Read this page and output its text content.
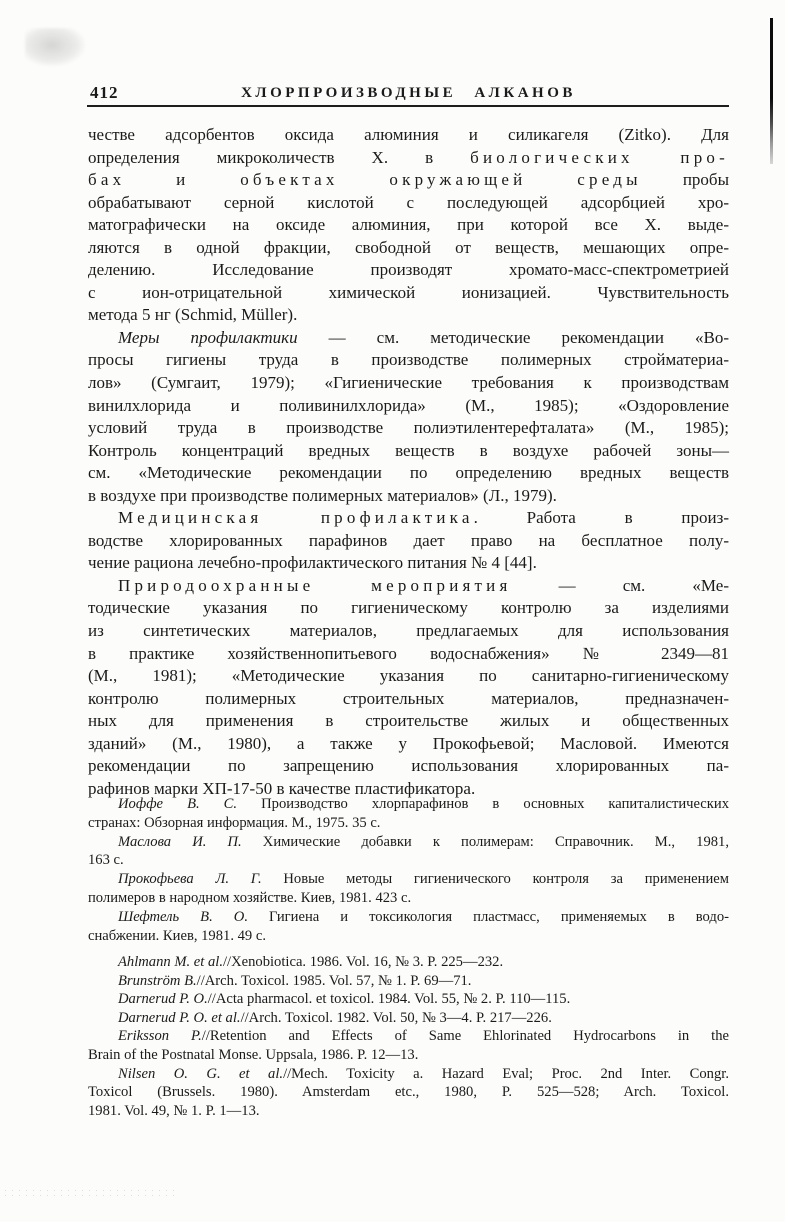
412	ХЛОРПРОИЗВОДНЫЕ АЛКАНОВ
честве адсорбентов оксида алюминия и силикагеля (Zitko). Для
определения микроколичеств Х. в биологических про-
бах и объектах окружающей среды пробы
обрабатывают серной кислотой с последующей адсорбцией хро-
матографически на оксиде алюминия, при которой все Х. выде-
ляются в одной фракции, свободной от веществ, мешающих опре-
делению. Исследование производят хромато-масс-спектрометрией
с ион-отрицательной химической ионизацией. Чувствительность
метода 5 нг (Schmid, Müller).
Меры профилактики — см. методические рекомендации «Во-
просы гигиены труда в производстве полимерных стройматериа-
лов» (Сумгаит, 1979); «Гигиенические требования к производствам
винилхлорида и поливинилхлорида» (М., 1985); «Оздоровление
условий труда в производстве полиэтилентерефталата» (М., 1985);
Контроль концентраций вредных веществ в воздухе рабочей зоны—
см. «Методические рекомендации по определению вредных веществ
в воздухе при производстве полимерных материалов» (Л., 1979).
Медицинская профилактика. Работа в произ-
водстве хлорированных парафинов дает право на бесплатное полу-
чение рациона лечебно-профилактического питания № 4 [44].
Природоохранные мероприятия — см. «Ме-
тодические указания по гигиеническому контролю за изделиями
из синтетических материалов, предлагаемых для использования
в практике хозяйственнопитьевого водоснабжения» № 2349—81
(М., 1981); «Методические указания по санитарно-гигиеническому
контролю полимерных строительных материалов, предназначен-
ных для применения в строительстве жилых и общественных
зданий» (М., 1980), а также у Прокофьевой; Масловой. Имеются
рекомендации по запрещению использования хлорированных па-
рафинов марки ХП-17-50 в качестве пластификатора.
Иоффе В. С. Производство хлорпарафинов в основных капиталистических
странах: Обзорная информация. М., 1975. 35 с.
Маслова И. П. Химические добавки к полимерам: Справочник. М., 1981,
163 с.
Прокофьева Л. Г. Новые методы гигиенического контроля за применением
полимеров в народном хозяйстве. Киев, 1981. 423 с.
Шефтель В. О. Гигиена и токсикология пластмасс, применяемых в водо-
снабжении. Киев, 1981. 49 с.
Ahlmann M. et al.//Xenobiotica. 1986. Vol. 16, № 3. P. 225—232.
Brunström B.//Arch. Toxicol. 1985. Vol. 57, № 1. P. 69—71.
Darnerud P. O.//Acta pharmacol. et toxicol. 1984. Vol. 55, № 2. P. 110—115.
Darnerud P. O. et al.//Arch. Toxicol. 1982. Vol. 50, № 3—4. P. 217—226.
Eriksson P.//Retention and Effects of Same Ehlorinated Hydrocarbons in the
Brain of the Postnatal Monse. Uppsala, 1986. P. 12—13.
Nilsen O. G. et al.//Mech. Toxicity a. Hazard Eval; Proc. 2nd Inter. Congr.
Toxicol (Brussels. 1980). Amsterdam etc., 1980, P. 525—528; Arch. Toxicol.
1981. Vol. 49, № 1. P. 1—13.
